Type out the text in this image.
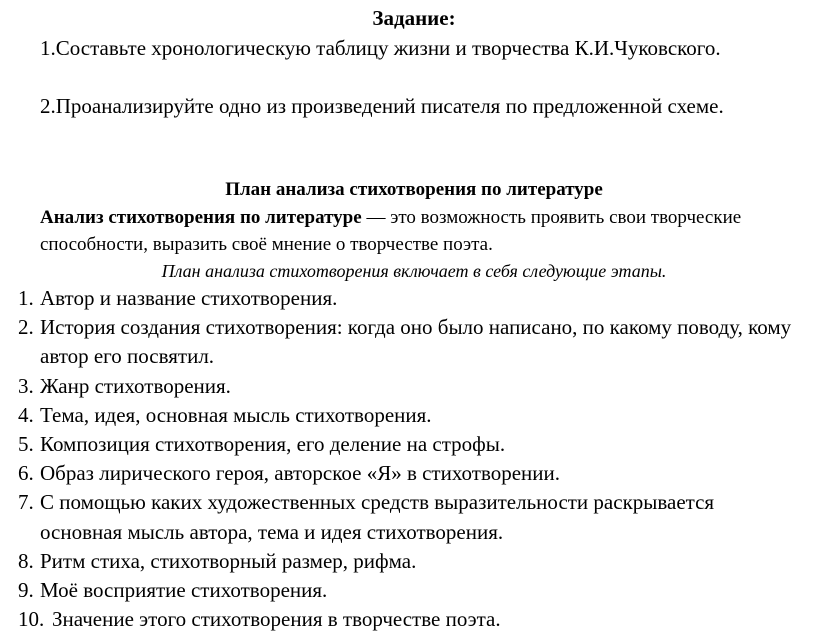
Задание:
1.Составьте хронологическую таблицу жизни и творчества К.И.Чуковского.
2.Проанализируйте одно из произведений писателя по предложенной схеме.
План анализа стихотворения по литературе
Анализ стихотворения по литературе — это возможность проявить свои творческие способности, выразить своё мнение о творчестве поэта.
План анализа стихотворения включает в себя следующие этапы.
1. Автор и название стихотворения.
2. История создания стихотворения: когда оно было написано, по какому поводу, кому автор его посвятил.
3. Жанр стихотворения.
4. Тема, идея, основная мысль стихотворения.
5. Композиция стихотворения, его деление на строфы.
6. Образ лирического героя, авторское «Я» в стихотворении.
7. С помощью каких художественных средств выразительности раскрывается основная мысль автора, тема и идея стихотворения.
8. Ритм стиха, стихотворный размер, рифма.
9. Моё восприятие стихотворения.
10. Значение этого стихотворения в творчестве поэта.
